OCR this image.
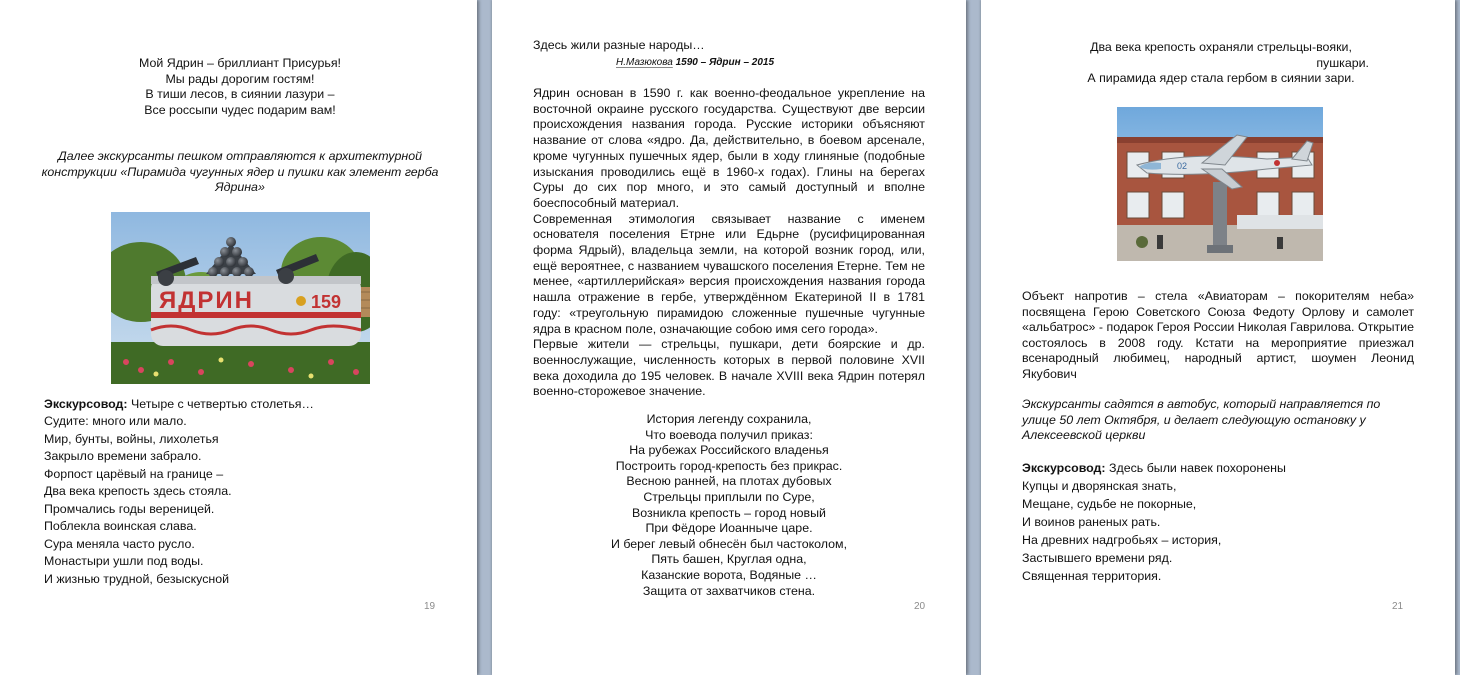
Мой Ядрин – бриллиант Присурья!
Мы рады дорогим гостям!
В тиши лесов, в сиянии лазури –
Все россыпи чудес подарим вам!

Далее экскурсанты пешком отправляются к архитектурной конструкции «Пирамида чугунных ядер и пушки как элемент герба Ядрина»

ЯДРИН	159
Экскурсовод: Четыре с четвертью столетья…
Судите: много или мало.
Мир, бунты, войны, лихолетья
Закрыло времени забрало.
Форпост царёвый на границе –
Два века крепость здесь стояла.
Промчались годы вереницей.
Поблекла воинская слава.
Сура меняла часто русло.
Монастыри ушли под воды.
И жизнью трудной, безыскусной
19

Здесь жили разные народы…

Н.Мазюкова 1590 – Ядрин – 2015

Ядрин основан в 1590 г. как военно-феодальное укрепление на восточной окраине русского государства. Существуют две версии происхождения названия города. Русские историки объясняют название от слова «ядро. Да, действительно, в боевом арсенале, кроме чугунных пушечных ядер, были в ходу глиняные (подобные изыскания проводились ещё в 1960-х годах). Глины на берегах Суры до сих пор много, и это самый доступный и вполне боеспособный материал.

Современная этимология связывает название с именем основателя поселения Етрне или Едьрне (русифицированная форма Ядрый), владельца земли, на которой возник город, или, ещё вероятнее, с названием чувашского поселения Етерне. Тем не менее, «артиллерийская» версия происхождения названия города нашла отражение в гербе, утверждённом Екатериной II в 1781 году: «треугольную пирамидою сложенные пушечные чугунные ядра в красном поле, означающие собою имя сего города».

Первые жители — стрельцы, пушкари, дети боярские и др. военнослужащие, численность которых в первой половине XVII века доходила до 195 человек. В начале XVIII века Ядрин потерял военно-сторожевое значение.

История легенду сохранила,
Что воевода получил приказ:
На рубежах Российского владенья
Построить город-крепость без прикрас.
Весною ранней, на плотах дубовых
Стрельцы приплыли по Суре,
Возникла крепость – город новый
При Фёдоре Иоанныче царе.
И берег левый обнесён был частоколом,
Пять башен, Круглая одна,
Казанские ворота, Водяные …
Защита от захватчиков стена.
20
Два века крепость охраняли стрельцы-вояки,
пушкари.
А пирамида ядер стала гербом в сиянии зари.
02

Объект напротив – стела «Авиаторам – покорителям неба» посвящена Герою Советского Союза Федоту Орлову и самолет «альбатрос» - подарок Героя России Николая Гаврилова. Открытие состоялось в 2008 году. Кстати на мероприятие приезжал всенародный любимец, народный артист, шоумен Леонид Якубович

Экскурсанты садятся в автобус, который направляется по улице 50 лет Октября, и делает следующую остановку у Алексеевской церкви

Экскурсовод: Здесь были навек похоронены
Купцы и дворянская знать,
Мещане, судьбе не покорные,
И воинов раненых рать.
На древних надгробьях – история,
Застывшего времени ряд.
Священная территория.
21
